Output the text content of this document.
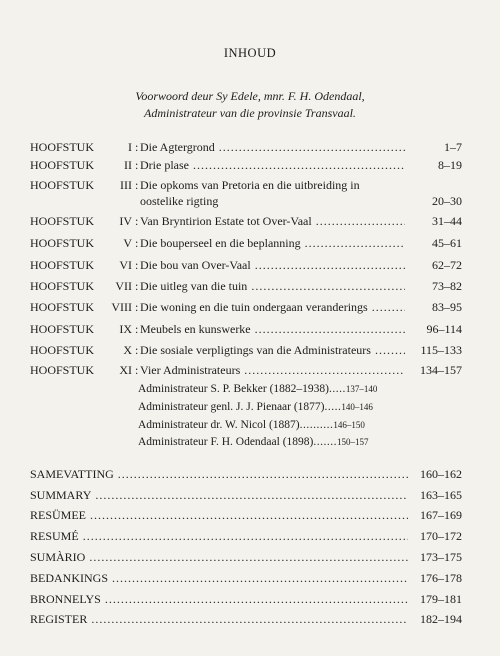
INHOUD
Voorwoord deur Sy Edele, mnr. F. H. Odendaal,
Administrateur van die provinsie Transvaal.
HOOFSTUK	I : Die Agtergrond .....	1–7
HOOFSTUK II : Drie plase .....	8–19
HOOFSTUK III : Die opkoms van Pretoria en die uitbreiding in oostelike rigting	20–30
HOOFSTUK IV : Van Bryntirion Estate tot Over-Vaal .....	31–44
HOOFSTUK V : Die bouperseel en die beplanning .....	45–61
HOOFSTUK VI : Die bou van Over-Vaal .....	62–72
HOOFSTUK VII : Die uitleg van die tuin .....	73–82
HOOFSTUK VIII : Die woning en die tuin ondergaan veranderings .....	83–95
HOOFSTUK IX : Meubels en kunswerke .....	96–114
HOOFSTUK X : Die sosiale verpligtings van die Administrateurs .....	115–133
HOOFSTUK XI : Vier Administrateurs .....	134–157
Administrateur S. P. Bekker (1882–1938).....137–140
Administrateur genl. J. J. Pienaar (1877).....140–146
Administrateur dr. W. Nicol (1887)..........146–150
Administrateur F. H. Odendaal (1898).......150–157
SAMEVATTING .....	160–162
SUMMARY .....	163–165
RESÜMEE .....	167–169
RESUMÉ .....	170–172
SUMÀRIO .....	173–175
BEDANKINGS .....	176–178
BRONNELYS .....	179–181
REGISTER .....	182–194
